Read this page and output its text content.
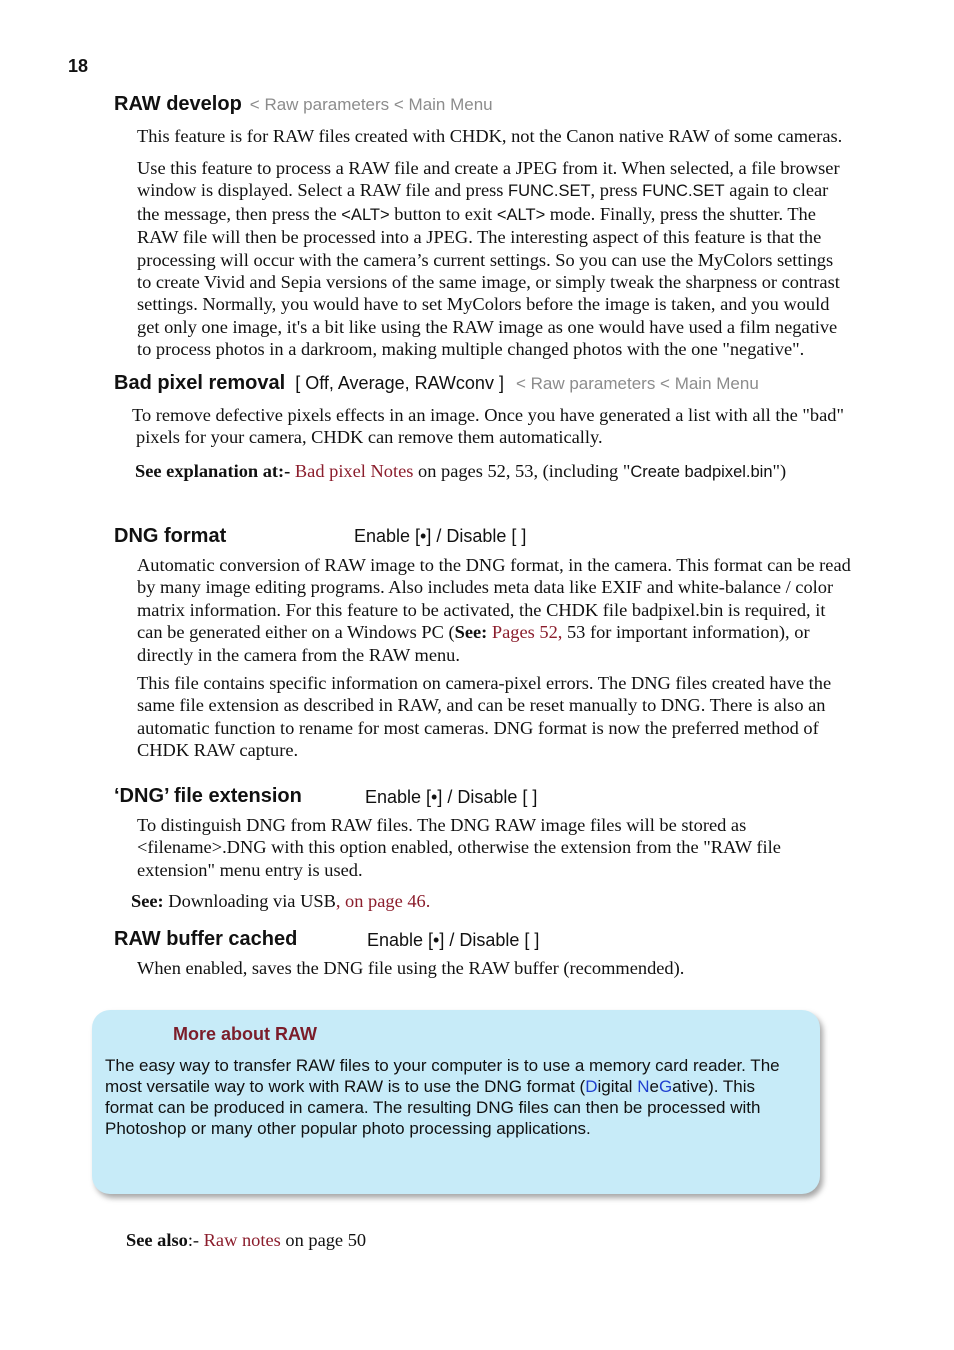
18
RAW develop < Raw parameters < Main Menu
This feature is for RAW files created with CHDK, not the Canon native RAW of some cameras.
Use this feature to process a RAW file and create a JPEG from it. When selected, a file browser
window is displayed. Select a RAW file and press FUNC.SET, press FUNC.SET again to clear
the message, then press the <ALT> button to exit <ALT> mode. Finally, press the shutter. The
RAW file will then be processed into a JPEG. The interesting aspect of this feature is that the
processing will occur with the camera’s current settings. So you can use the MyColors settings
to create Vivid and Sepia versions of the same image, or simply tweak the sharpness or contrast
settings. Normally, you would have to set MyColors before the image is taken, and you would
get only one image, it's a bit like using the RAW image as one would have used a film negative
to process photos in a darkroom, making multiple changed photos with the one "negative".
Bad pixel removal [ Off, Average, RAWconv ] < Raw parameters < Main Menu
To remove defective pixels effects in an image. Once you have generated a list with all the "bad"
pixels for your camera, CHDK can remove them automatically.
See explanation at:- Bad pixel Notes on pages 52, 53, (including "Create badpixel.bin")
DNG format	Enable [•] / Disable [ ]
Automatic conversion of RAW image to the DNG format, in the camera. This format can be read
by many image editing programs. Also includes meta data like EXIF and white-balance / color
matrix information. For this feature to be activated, the CHDK file badpixel.bin is required, it
can be generated either on a Windows PC (See: Pages 52, 53 for important information), or
directly in the camera from the RAW menu.
This file contains specific information on camera-pixel errors. The DNG files created have the
same file extension as described in RAW, and can be reset manually to DNG. There is also an
automatic function to rename for most cameras. DNG format is now the preferred method of
CHDK RAW capture.
‘DNG’ file extension	Enable [•] / Disable [ ]
To distinguish DNG from RAW files. The DNG RAW image files will be stored as
<filename>.DNG with this option enabled, otherwise the extension from the "RAW file
extension" menu entry is used.
See: Downloading via USB, on page 46.
RAW buffer cached	Enable [•] / Disable [ ]
When enabled, saves the DNG file using the RAW buffer (recommended).
More about RAW
The easy way to transfer RAW files to your computer is to use a memory card reader. The
most versatile way to work with RAW is to use the DNG format (Digital NeGative). This
format can be produced in camera. The resulting DNG files can then be processed with
Photoshop or many other popular photo processing applications.
See also:- Raw notes on page 50
